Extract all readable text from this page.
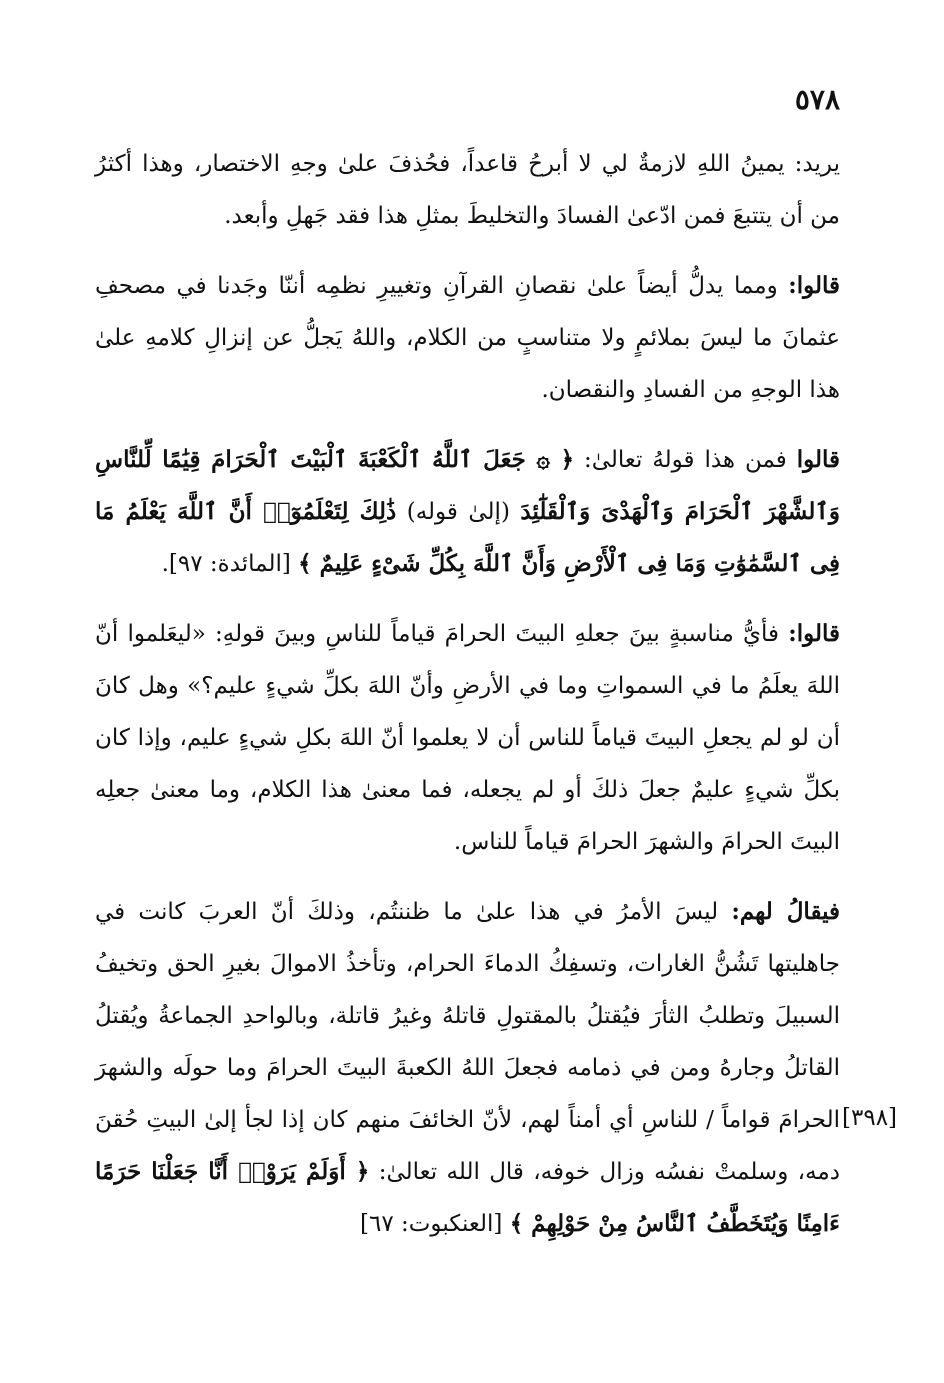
٥٧٨

يريد: يمينُ اللهِ لازمةٌ لي لا أبرحُ قاعداً، فحُذفَ علىٰ وجهِ الاختصار، وهذا أكثرُ من أن يتتبعَ فمن ادّعىٰ الفسادَ والتخليطَ بمثلِ هذا فقد جَهلِ وأبعد.

قالوا: ومما يدلُّ أيضاً علىٰ نقصانِ القرآنِ وتغييرِ نظمِه أننّا وجَدنا في مصحفِ عثمانَ ما ليسَ بملائمٍ ولا متناسبٍ من الكلام، واللهُ يَجلُّ عن إنزالِ كلامهِ علىٰ هذا الوجهِ من الفسادِ والنقصان.

قالوا فمن هذا قولهُ تعالىٰ: ﴿ ۞ جَعَلَ ٱللَّهُ ٱلْكَعْبَةَ ٱلْبَيْتَ ٱلْحَرَامَ قِيَٰمًا لِّلنَّاسِ وَٱلشَّهْرَ ٱلْحَرَامَ وَٱلْهَدْىَ وَٱلْقَلَٰٓئِدَ (إلىٰ قوله) ذَٰلِكَ لِتَعْلَمُوٓا۟ أَنَّ ٱللَّهَ يَعْلَمُ مَا فِى ٱلسَّمَٰوَٰتِ وَمَا فِى ٱلْأَرْضِ وَأَنَّ ٱللَّهَ بِكُلِّ شَىْءٍ عَلِيمٌ ﴾ [المائدة: ٩٧].

قالوا: فأيُّ مناسبةٍ بينَ جعلهِ البيتَ الحرامَ قياماً للناسِ وبينَ قولهِ: «ليعَلموا أنّ اللهَ يعلَمُ ما في السمواتِ وما في الأرضِ وأنّ اللهَ بكلِّ شيءٍ عليم؟» وهل كانَ أن لو لم يجعلِ البيتَ قياماً للناس أن لا يعلموا أنّ اللهَ بكلِ شيءٍ عليم، وإذا كان بكلِّ شيءٍ عليمٌ جعلَ ذلكَ أو لم يجعله، فما معنىٰ هذا الكلام، وما معنىٰ جعلِه البيتَ الحرامَ والشهرَ الحرامَ قياماً للناس.

فيقالُ لهم: ليسَ الأمرُ في هذا علىٰ ما ظننتُم، وذلكَ أنّ العربَ كانت في جاهليتها تَشُنُّ الغارات، وتسفِكُ الدماءَ الحرام، وتأخذُ الاموالَ بغيرِ الحق وتخيفُ السبيلَ وتطلبُ الثأرَ فيُقتلُ بالمقتولِ قاتلهُ وغيرُ قاتلة، وبالواحدِ الجماعةُ ويُقتلُ القاتلُ وجارهُ ومن في ذمامه فجعلَ اللهُ الكعبةَ البيتَ الحرامَ وما حولَه والشهرَ الحرامَ قواماً / للناسِ أي أمناً لهم، لأنّ الخائفَ منهم كان إذا لجأ إلىٰ البيتِ حُقنَ دمه، وسلمتْ نفسُه وزال خوفه، قال الله تعالىٰ: ﴿ أَوَلَمْ يَرَوْا۟ أَنَّا جَعَلْنَا حَرَمًا ءَامِنًا وَيُتَخَطَّفُ ٱلنَّاسُ مِنْ حَوْلِهِمْ ﴾ [العنكبوت: ٦٧]

[٣٩٨]
